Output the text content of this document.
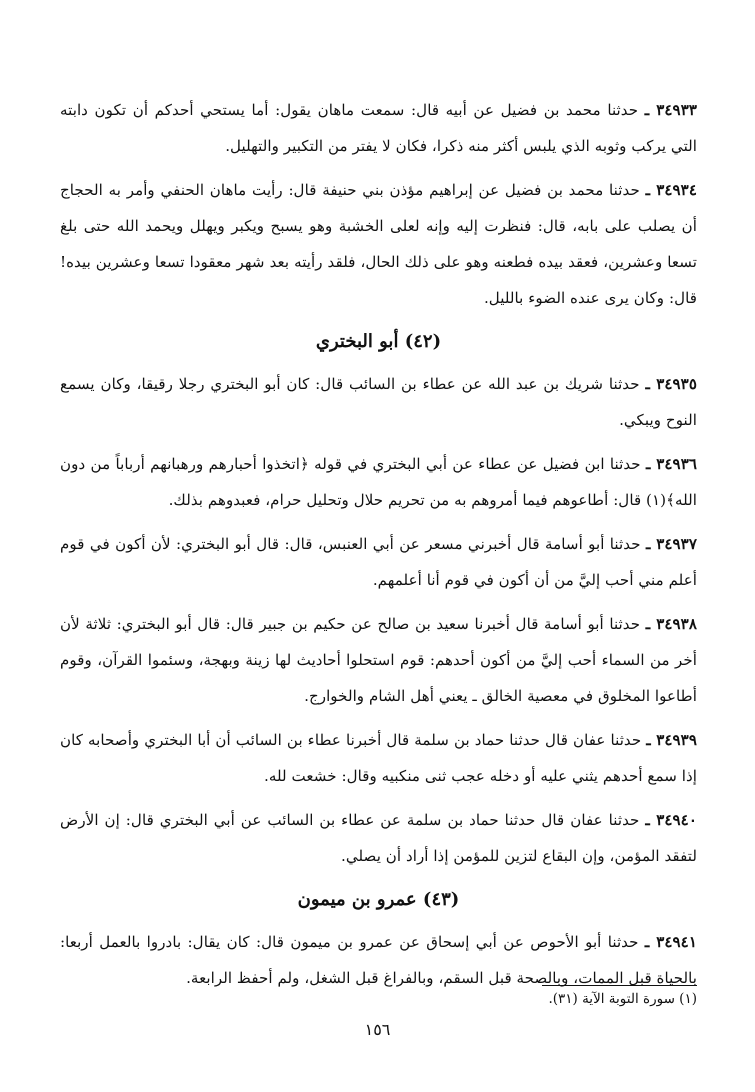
٣٤٩٣٣ ـ حدثنا محمد بن فضيل عن أبيه قال: سمعت ماهان يقول: أما يستحي أحدكم أن تكون دابته التي يركب وثوبه الذي يلبس أكثر منه ذكرا، فكان لا يفتر من التكبير والتهليل.

٣٤٩٣٤ ـ حدثنا محمد بن فضيل عن إبراهيم مؤذن بني حنيفة قال: رأيت ماهان الحنفي وأمر به الحجاج أن يصلب على بابه، قال: فنظرت إليه وإنه لعلى الخشبة وهو يسبح ويكبر ويهلل ويحمد الله حتى بلغ تسعا وعشرين، فعقد بيده فطعنه وهو على ذلك الحال، فلقد رأيته بعد شهر معقودا تسعا وعشرين بيده! قال: وكان يرى عنده الضوء بالليل.

(٤٢) أبو البختري

٣٤٩٣٥ ـ حدثنا شريك بن عبد الله عن عطاء بن السائب قال: كان أبو البختري رجلا رقيقا، وكان يسمع النوح ويبكي.

٣٤٩٣٦ ـ حدثنا ابن فضيل عن عطاء عن أبي البختري في قوله ﴿اتخذوا أحبارهم ورهبانهم أرباباً من دون الله﴾(١) قال: أطاعوهم فيما أمروهم به من تحريم حلال وتحليل حرام، فعبدوهم بذلك.

٣٤٩٣٧ ـ حدثنا أبو أسامة قال أخبرني مسعر عن أبي العنبس، قال: قال أبو البختري: لأن أكون في قوم أعلم مني أحب إليَّ من أن أكون في قوم أنا أعلمهم.

٣٤٩٣٨ ـ حدثنا أبو أسامة قال أخبرنا سعيد بن صالح عن حكيم بن جبير قال: قال أبو البختري: ثلاثة لأن أخر من السماء أحب إليَّ من أكون أحدهم: قوم استحلوا أحاديث لها زينة وبهجة، وسئموا القرآن، وقوم أطاعوا المخلوق في معصية الخالق ـ يعني أهل الشام والخوارج.

٣٤٩٣٩ ـ حدثنا عفان قال حدثنا حماد بن سلمة قال أخبرنا عطاء بن السائب أن أبا البختري وأصحابه كان إذا سمع أحدهم يثني عليه أو دخله عجب ثنى منكبيه وقال: خشعت لله.

٣٤٩٤٠ ـ حدثنا عفان قال حدثنا حماد بن سلمة عن عطاء بن السائب عن أبي البختري قال: إن الأرض لتفقد المؤمن، وإن البقاع لتزين للمؤمن إذا أراد أن يصلي.

(٤٣) عمرو بن ميمون

٣٤٩٤١ ـ حدثنا أبو الأحوص عن أبي إسحاق عن عمرو بن ميمون قال: كان يقال: بادروا بالعمل أربعا: بالحياة قبل الممات، وبالصحة قبل السقم، وبالفراغ قبل الشغل، ولم أحفظ الرابعة.

(١) سورة التوبة الآية (٣١).
١٥٦
